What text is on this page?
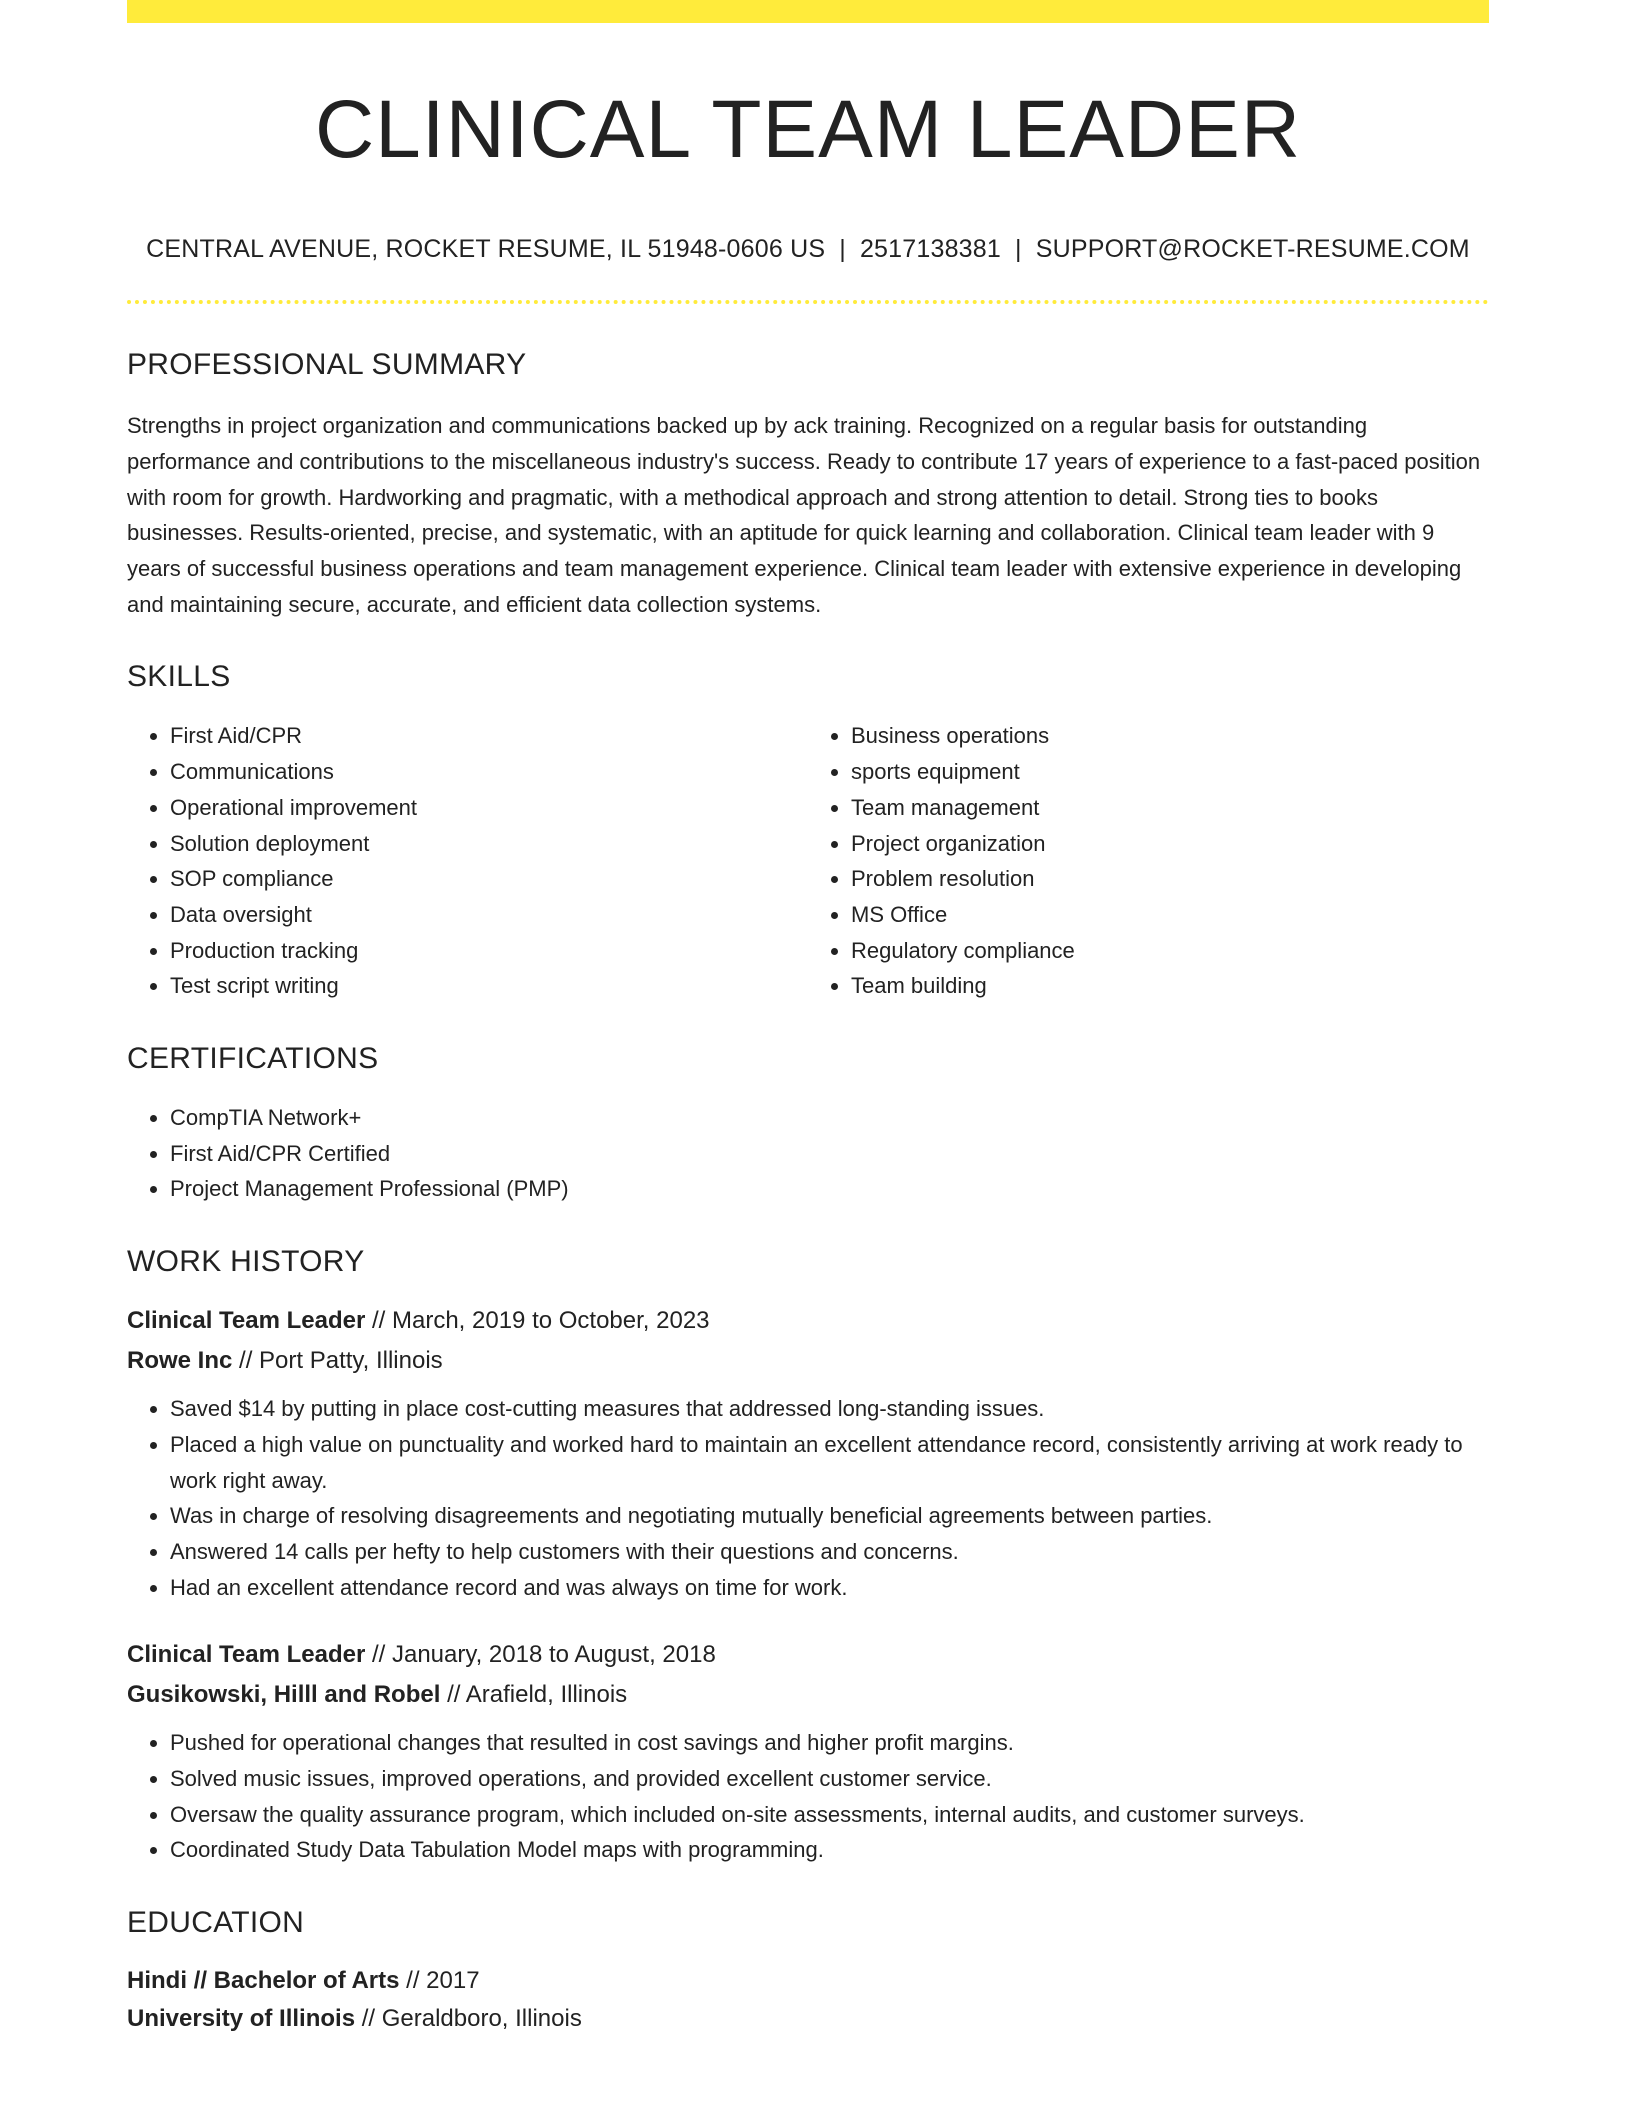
CLINICAL TEAM LEADER
CENTRAL AVENUE, ROCKET RESUME, IL 51948-0606 US | 2517138381 | SUPPORT@ROCKET-RESUME.COM
PROFESSIONAL SUMMARY

Strengths in project organization and communications backed up by ack training. Recognized on a regular basis for outstanding performance and contributions to the miscellaneous industry's success. Ready to contribute 17 years of experience to a fast-paced position with room for growth. Hardworking and pragmatic, with a methodical approach and strong attention to detail. Strong ties to books businesses. Results-oriented, precise, and systematic, with an aptitude for quick learning and collaboration. Clinical team leader with 9 years of successful business operations and team management experience. Clinical team leader with extensive experience in developing and maintaining secure, accurate, and efficient data collection systems.

SKILLS
• First Aid/CPR
• Communications
• Operational improvement
• Solution deployment
• SOP compliance
• Data oversight
• Production tracking
• Test script writing
• Business operations
• sports equipment
• Team management
• Project organization
• Problem resolution
• MS Office
• Regulatory compliance
• Team building
CERTIFICATIONS
• CompTIA Network+
• First Aid/CPR Certified
• Project Management Professional (PMP)
WORK HISTORY
Clinical Team Leader // March, 2019 to October, 2023
Rowe Inc // Port Patty, Illinois
• Saved $14 by putting in place cost-cutting measures that addressed long-standing issues.
• Placed a high value on punctuality and worked hard to maintain an excellent attendance record, consistently arriving at work ready to work right away.
• Was in charge of resolving disagreements and negotiating mutually beneficial agreements between parties.
• Answered 14 calls per hefty to help customers with their questions and concerns.
• Had an excellent attendance record and was always on time for work.
Clinical Team Leader // January, 2018 to August, 2018
Gusikowski, Hilll and Robel // Arafield, Illinois
• Pushed for operational changes that resulted in cost savings and higher profit margins.
• Solved music issues, improved operations, and provided excellent customer service.
• Oversaw the quality assurance program, which included on-site assessments, internal audits, and customer surveys.
• Coordinated Study Data Tabulation Model maps with programming.
EDUCATION
Hindi // Bachelor of Arts // 2017
University of Illinois // Geraldboro, Illinois
